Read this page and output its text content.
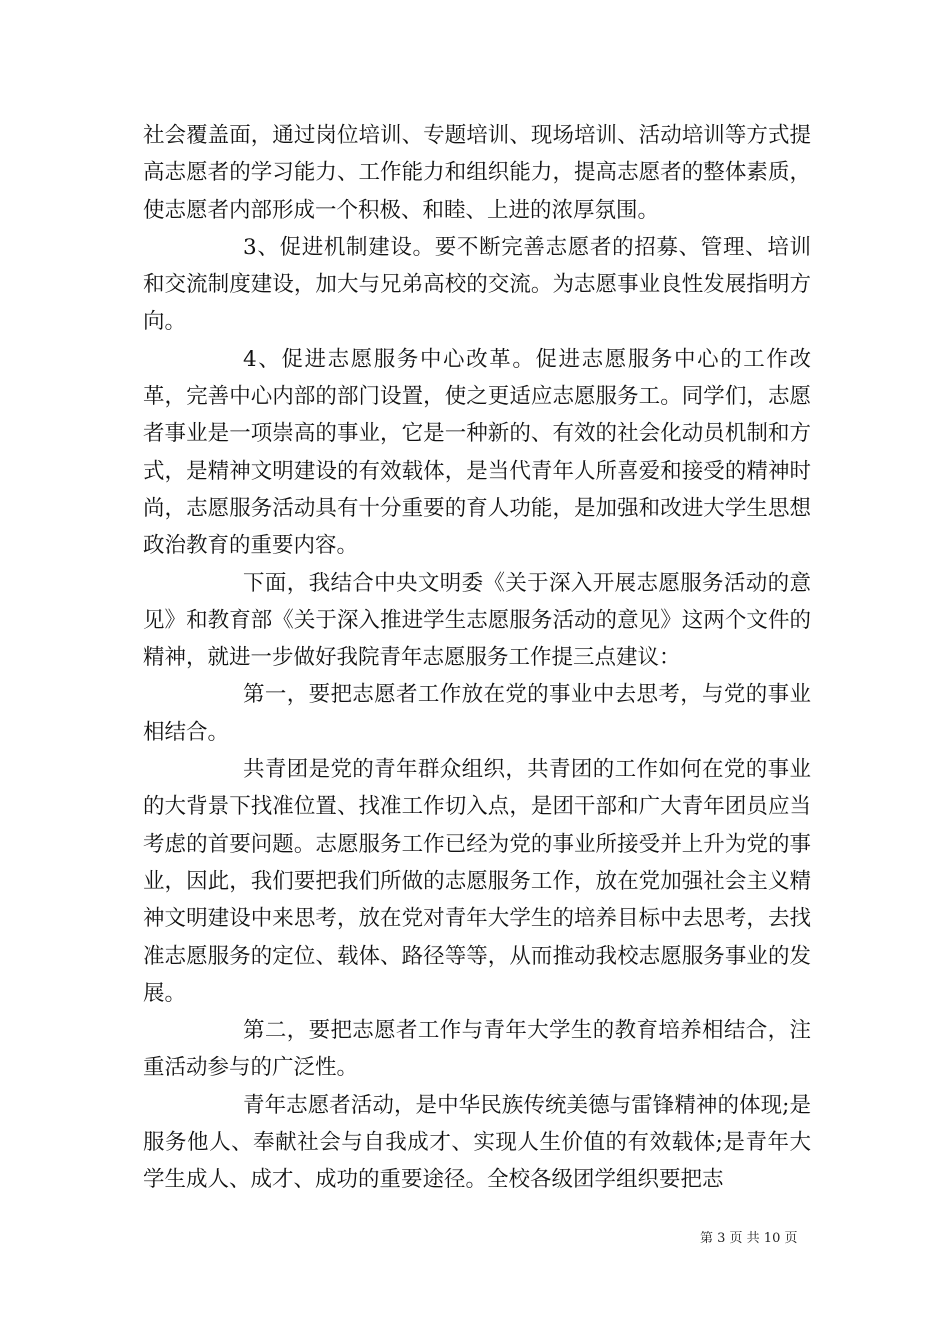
社会覆盖面，通过岗位培训、专题培训、现场培训、活动培训等方式提高志愿者的学习能力、工作能力和组织能力，提高志愿者的整体素质，使志愿者内部形成一个积极、和睦、上进的浓厚氛围。

3、促进机制建设。要不断完善志愿者的招募、管理、培训和交流制度建设，加大与兄弟高校的交流。为志愿事业良性发展指明方向。

4、促进志愿服务中心改革。促进志愿服务中心的工作改革，完善中心内部的部门设置，使之更适应志愿服务工。同学们，志愿者事业是一项崇高的事业，它是一种新的、有效的社会化动员机制和方式，是精神文明建设的有效载体，是当代青年人所喜爱和接受的精神时尚，志愿服务活动具有十分重要的育人功能，是加强和改进大学生思想政治教育的重要内容。

下面，我结合中央文明委《关于深入开展志愿服务活动的意见》和教育部《关于深入推进学生志愿服务活动的意见》这两个文件的精神，就进一步做好我院青年志愿服务工作提三点建议：

第一，要把志愿者工作放在党的事业中去思考，与党的事业相结合。

共青团是党的青年群众组织，共青团的工作如何在党的事业的大背景下找准位置、找准工作切入点，是团干部和广大青年团员应当考虑的首要问题。志愿服务工作已经为党的事业所接受并上升为党的事业，因此，我们要把我们所做的志愿服务工作，放在党加强社会主义精神文明建设中来思考，放在党对青年大学生的培养目标中去思考，去找准志愿服务的定位、载体、路径等等，从而推动我校志愿服务事业的发展。

第二，要把志愿者工作与青年大学生的教育培养相结合，注重活动参与的广泛性。

青年志愿者活动，是中华民族传统美德与雷锋精神的体现;是服务他人、奉献社会与自我成才、实现人生价值的有效载体;是青年大学生成人、成才、成功的重要途径。全校各级团学组织要把志

第 3 页 共 10 页
